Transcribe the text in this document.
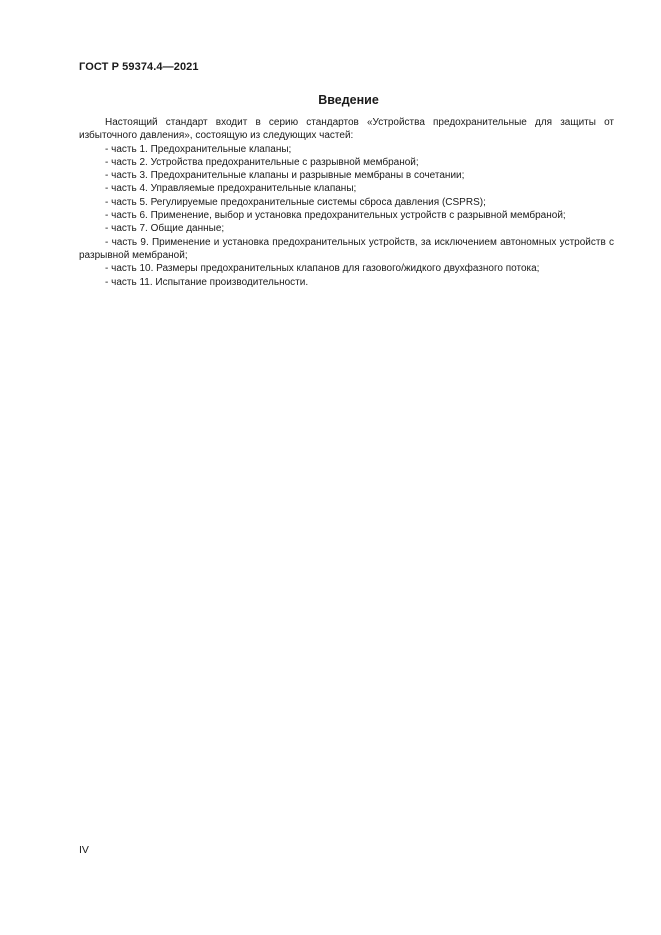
ГОСТ Р 59374.4—2021
Введение

Настоящий стандарт входит в серию стандартов «Устройства предохранительные для защиты от избыточного давления», состоящую из следующих частей:

- часть 1. Предохранительные клапаны;
- часть 2. Устройства предохранительные с разрывной мембраной;
- часть 3. Предохранительные клапаны и разрывные мембраны в сочетании;
- часть 4. Управляемые предохранительные клапаны;
- часть 5. Регулируемые предохранительные системы сброса давления (CSPRS);
- часть 6. Применение, выбор и установка предохранительных устройств с разрывной мембраной;
- часть 7. Общие данные;
- часть 9. Применение и установка предохранительных устройств, за исключением автономных устройств с разрывной мембраной;
- часть 10. Размеры предохранительных клапанов для газового/жидкого двухфазного потока;
- часть 11. Испытание производительности.
IV
